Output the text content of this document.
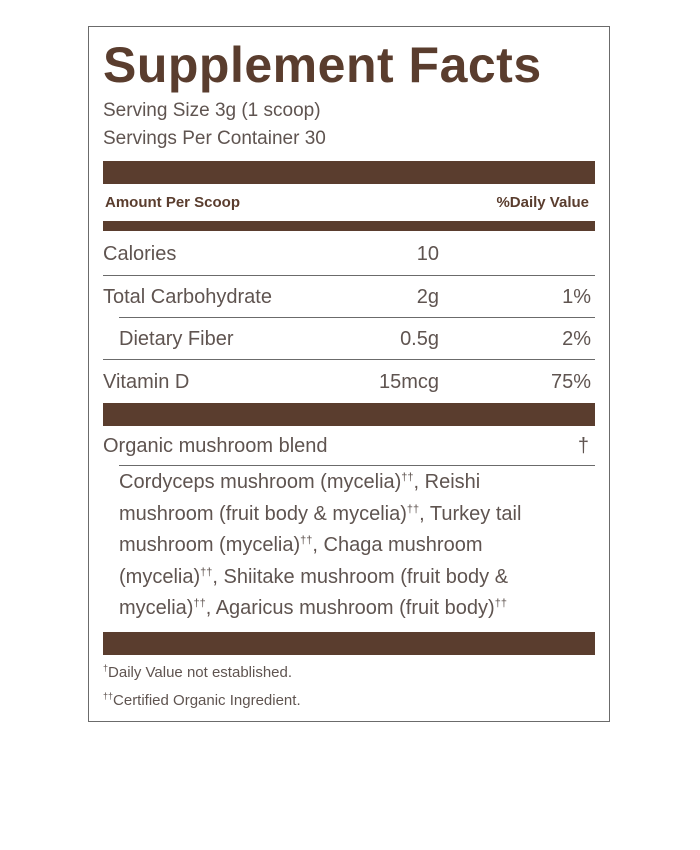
Supplement Facts
Serving Size 3g (1 scoop)
Servings Per Container 30
Amount Per Scoop	%Daily Value
Calories	10
Total Carbohydrate	2g	1%
Dietary Fiber	0.5g	2%
Vitamin D	15mcg	75%
Organic mushroom blend	†
Cordyceps mushroom (mycelia)††, Reishi mushroom (fruit body & mycelia)††, Turkey tail mushroom (mycelia)††, Chaga mushroom (mycelia)††, Shiitake mushroom (fruit body & mycelia)††, Agaricus mushroom (fruit body)††
†Daily Value not established.
††Certified Organic Ingredient.
